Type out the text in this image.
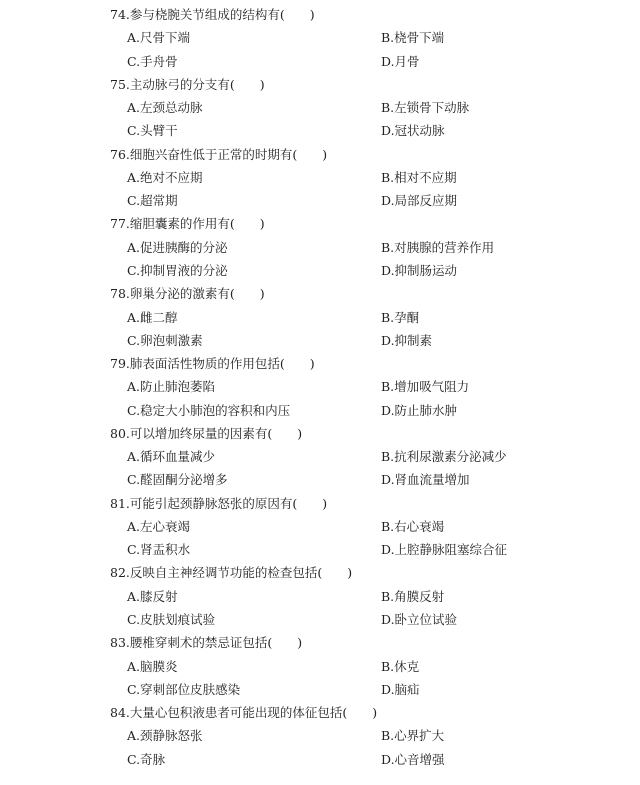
74.参与桡腕关节组成的结构有(　　)
A.尺骨下端	B.桡骨下端
C.手舟骨	D.月骨
75.主动脉弓的分支有(　　)
A.左颈总动脉	B.左锁骨下动脉
C.头臂干	D.冠状动脉
76.细胞兴奋性低于正常的时期有(　　)
A.绝对不应期	B.相对不应期
C.超常期	D.局部反应期
77.缩胆囊素的作用有(　　)
A.促进胰酶的分泌	B.对胰腺的营养作用
C.抑制胃液的分泌	D.抑制肠运动
78.卵巢分泌的激素有(　　)
A.雌二醇	B.孕酮
C.卵泡刺激素	D.抑制素
79.肺表面活性物质的作用包括(　　)
A.防止肺泡萎陷	B.增加吸气阻力
C.稳定大小肺泡的容积和内压	D.防止肺水肿
80.可以增加终尿量的因素有(　　)
A.循环血量减少	B.抗利尿激素分泌减少
C.醛固酮分泌增多	D.肾血流量增加
81.可能引起颈静脉怒张的原因有(　　)
A.左心衰竭	B.右心衰竭
C.肾盂积水	D.上腔静脉阻塞综合征
82.反映自主神经调节功能的检查包括(　　)
A.膝反射	B.角膜反射
C.皮肤划痕试验	D.卧立位试验
83.腰椎穿刺术的禁忌证包括(　　)
A.脑膜炎	B.休克
C.穿刺部位皮肤感染	D.脑疝
84.大量心包积液患者可能出现的体征包括(　　)
A.颈静脉怒张	B.心界扩大
C.奇脉	D.心音增强
